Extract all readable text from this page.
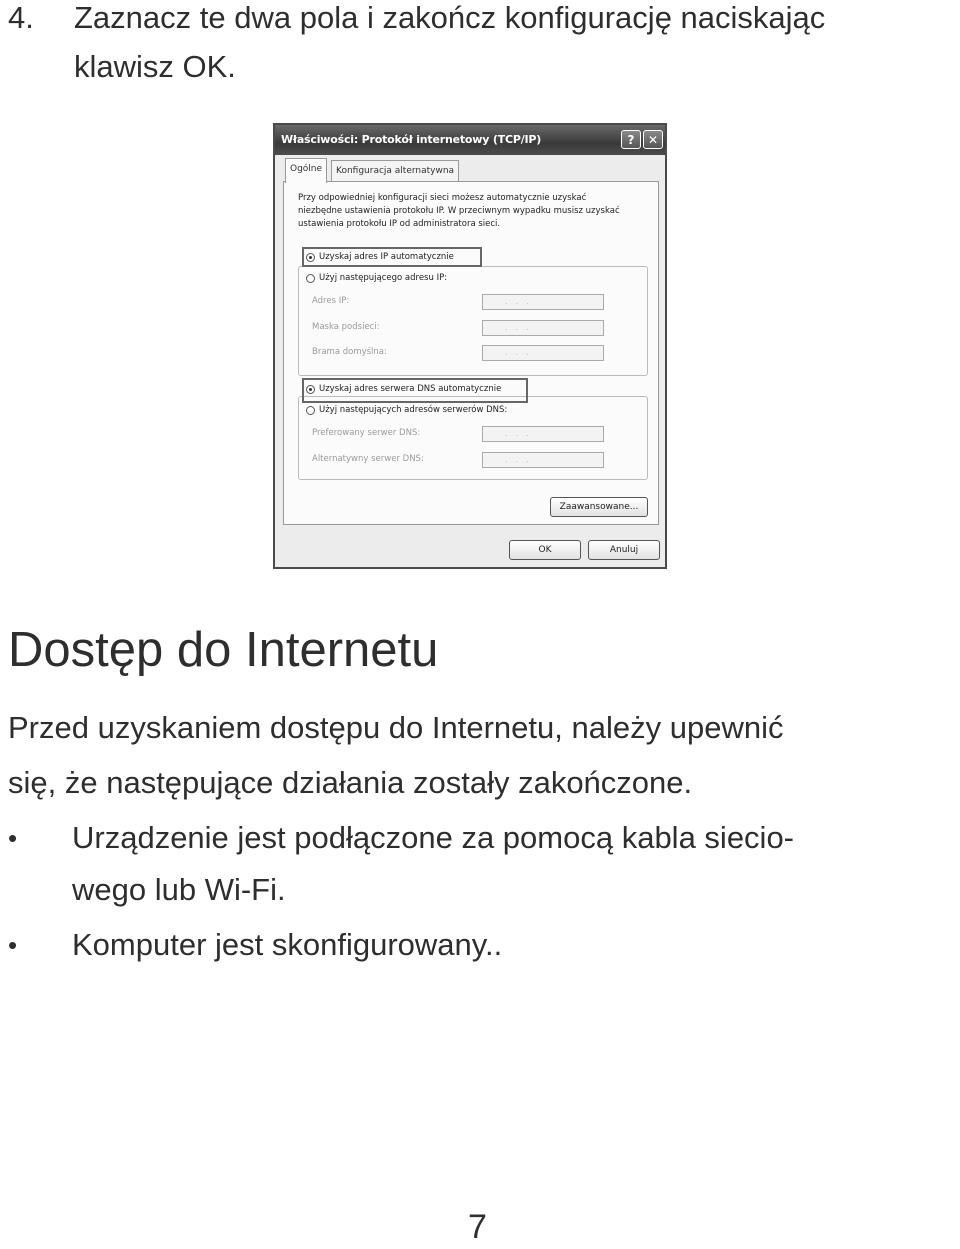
4. Zaznacz te dwa pola i zakończ konfigurację naciskając
klawisz OK.
Właściwości: Protokół internetowy (TCP/IP)	?	✕
Ogólne	Konfiguracja alternatywna
Przy odpowiedniej konfiguracji sieci możesz automatycznie uzyskać niezbędne ustawienia protokołu IP. W przeciwnym wypadku musisz uzyskać ustawienia protokołu IP od administratora sieci.
Uzyskaj adres IP automatycznie
Użyj następującego adresu IP:
Adres IP:	...
Maska podsieci:	...
Brama domyślna:	...
Uzyskaj adres serwera DNS automatycznie
Użyj następujących adresów serwerów DNS:
Preferowany serwer DNS:	...
Alternatywny serwer DNS:	...
Zaawansowane...
OK	Anuluj
Dostęp do Internetu
Przed uzyskaniem dostępu do Internetu, należy upewnić
się, że następujące działania zostały zakończone.
• Urządzenie jest podłączone za pomocą kabla siecio-
wego lub Wi-Fi.
• Komputer jest skonfigurowany..
7
